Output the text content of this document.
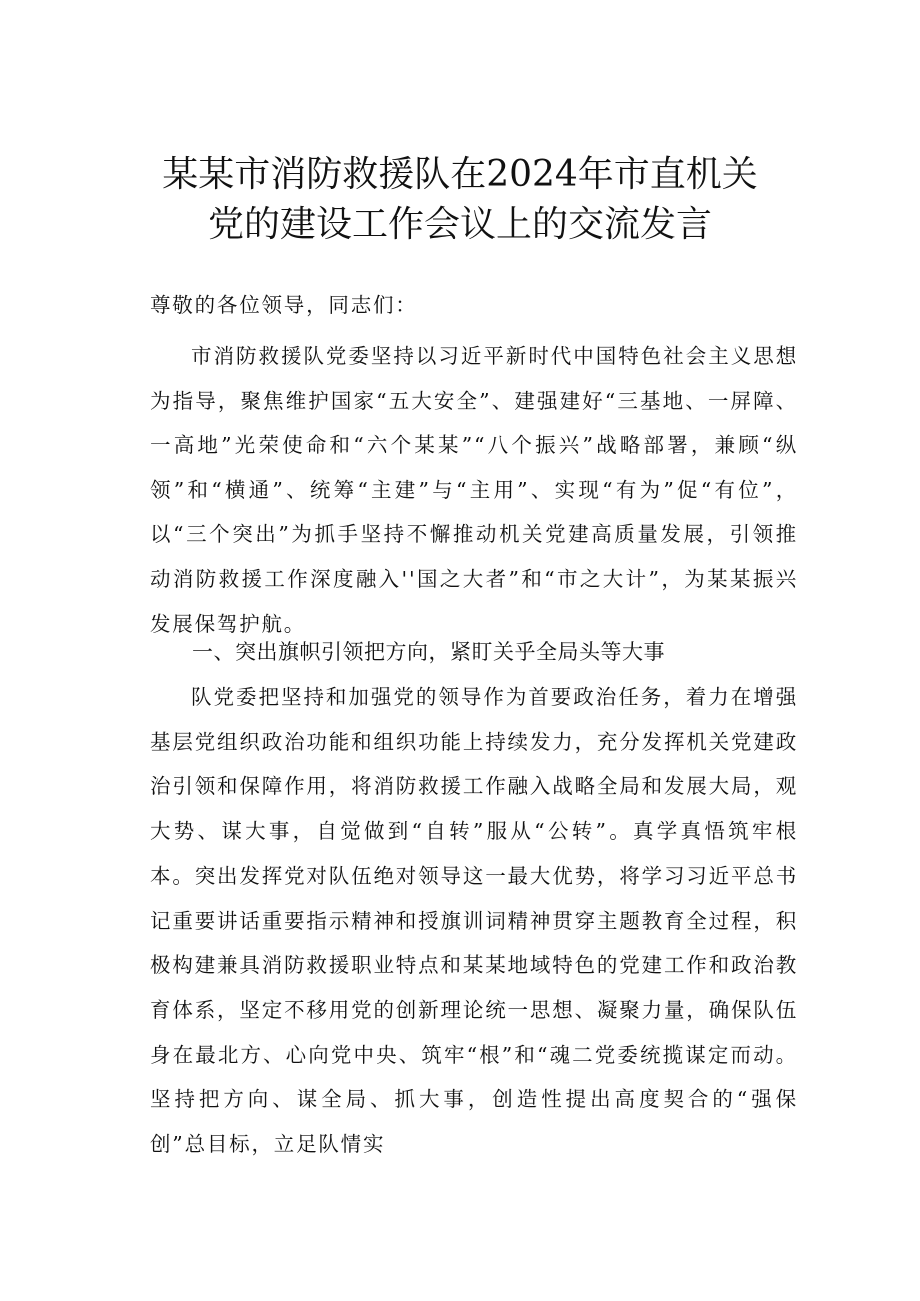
某某市消防救援队在2024年市直机关
党的建设工作会议上的交流发言

尊敬的各位领导，同志们：

市消防救援队党委坚持以习近平新时代中国特色社会主义思想为指导，聚焦维护国家“五大安全”、建强建好“三基地、一屏障、一高地”光荣使命和“六个某某”“八个振兴”战略部署，兼顾“纵领”和“横通”、统筹“主建”与“主用”、实现“有为”促“有位”，以“三个突出”为抓手坚持不懈推动机关党建高质量发展，引领推动消防救援工作深度融入''国之大者”和“市之大计”，为某某振兴发展保驾护航。

一、突出旗帜引领把方向，紧盯关乎全局头等大事

队党委把坚持和加强党的领导作为首要政治任务，着力在增强基层党组织政治功能和组织功能上持续发力，充分发挥机关党建政治引领和保障作用，将消防救援工作融入战略全局和发展大局，观大势、谋大事，自觉做到“自转”服从“公转”。真学真悟筑牢根本。突出发挥党对队伍绝对领导这一最大优势，将学习习近平总书记重要讲话重要指示精神和授旗训词精神贯穿主题教育全过程，积极构建兼具消防救援职业特点和某某地域特色的党建工作和政治教育体系，坚定不移用党的创新理论统一思想、凝聚力量，确保队伍身在最北方、心向党中央、筑牢“根”和“魂二党委统揽谋定而动。坚持把方向、谋全局、抓大事，创造性提出高度契合的“强保创”总目标，立足队情实
